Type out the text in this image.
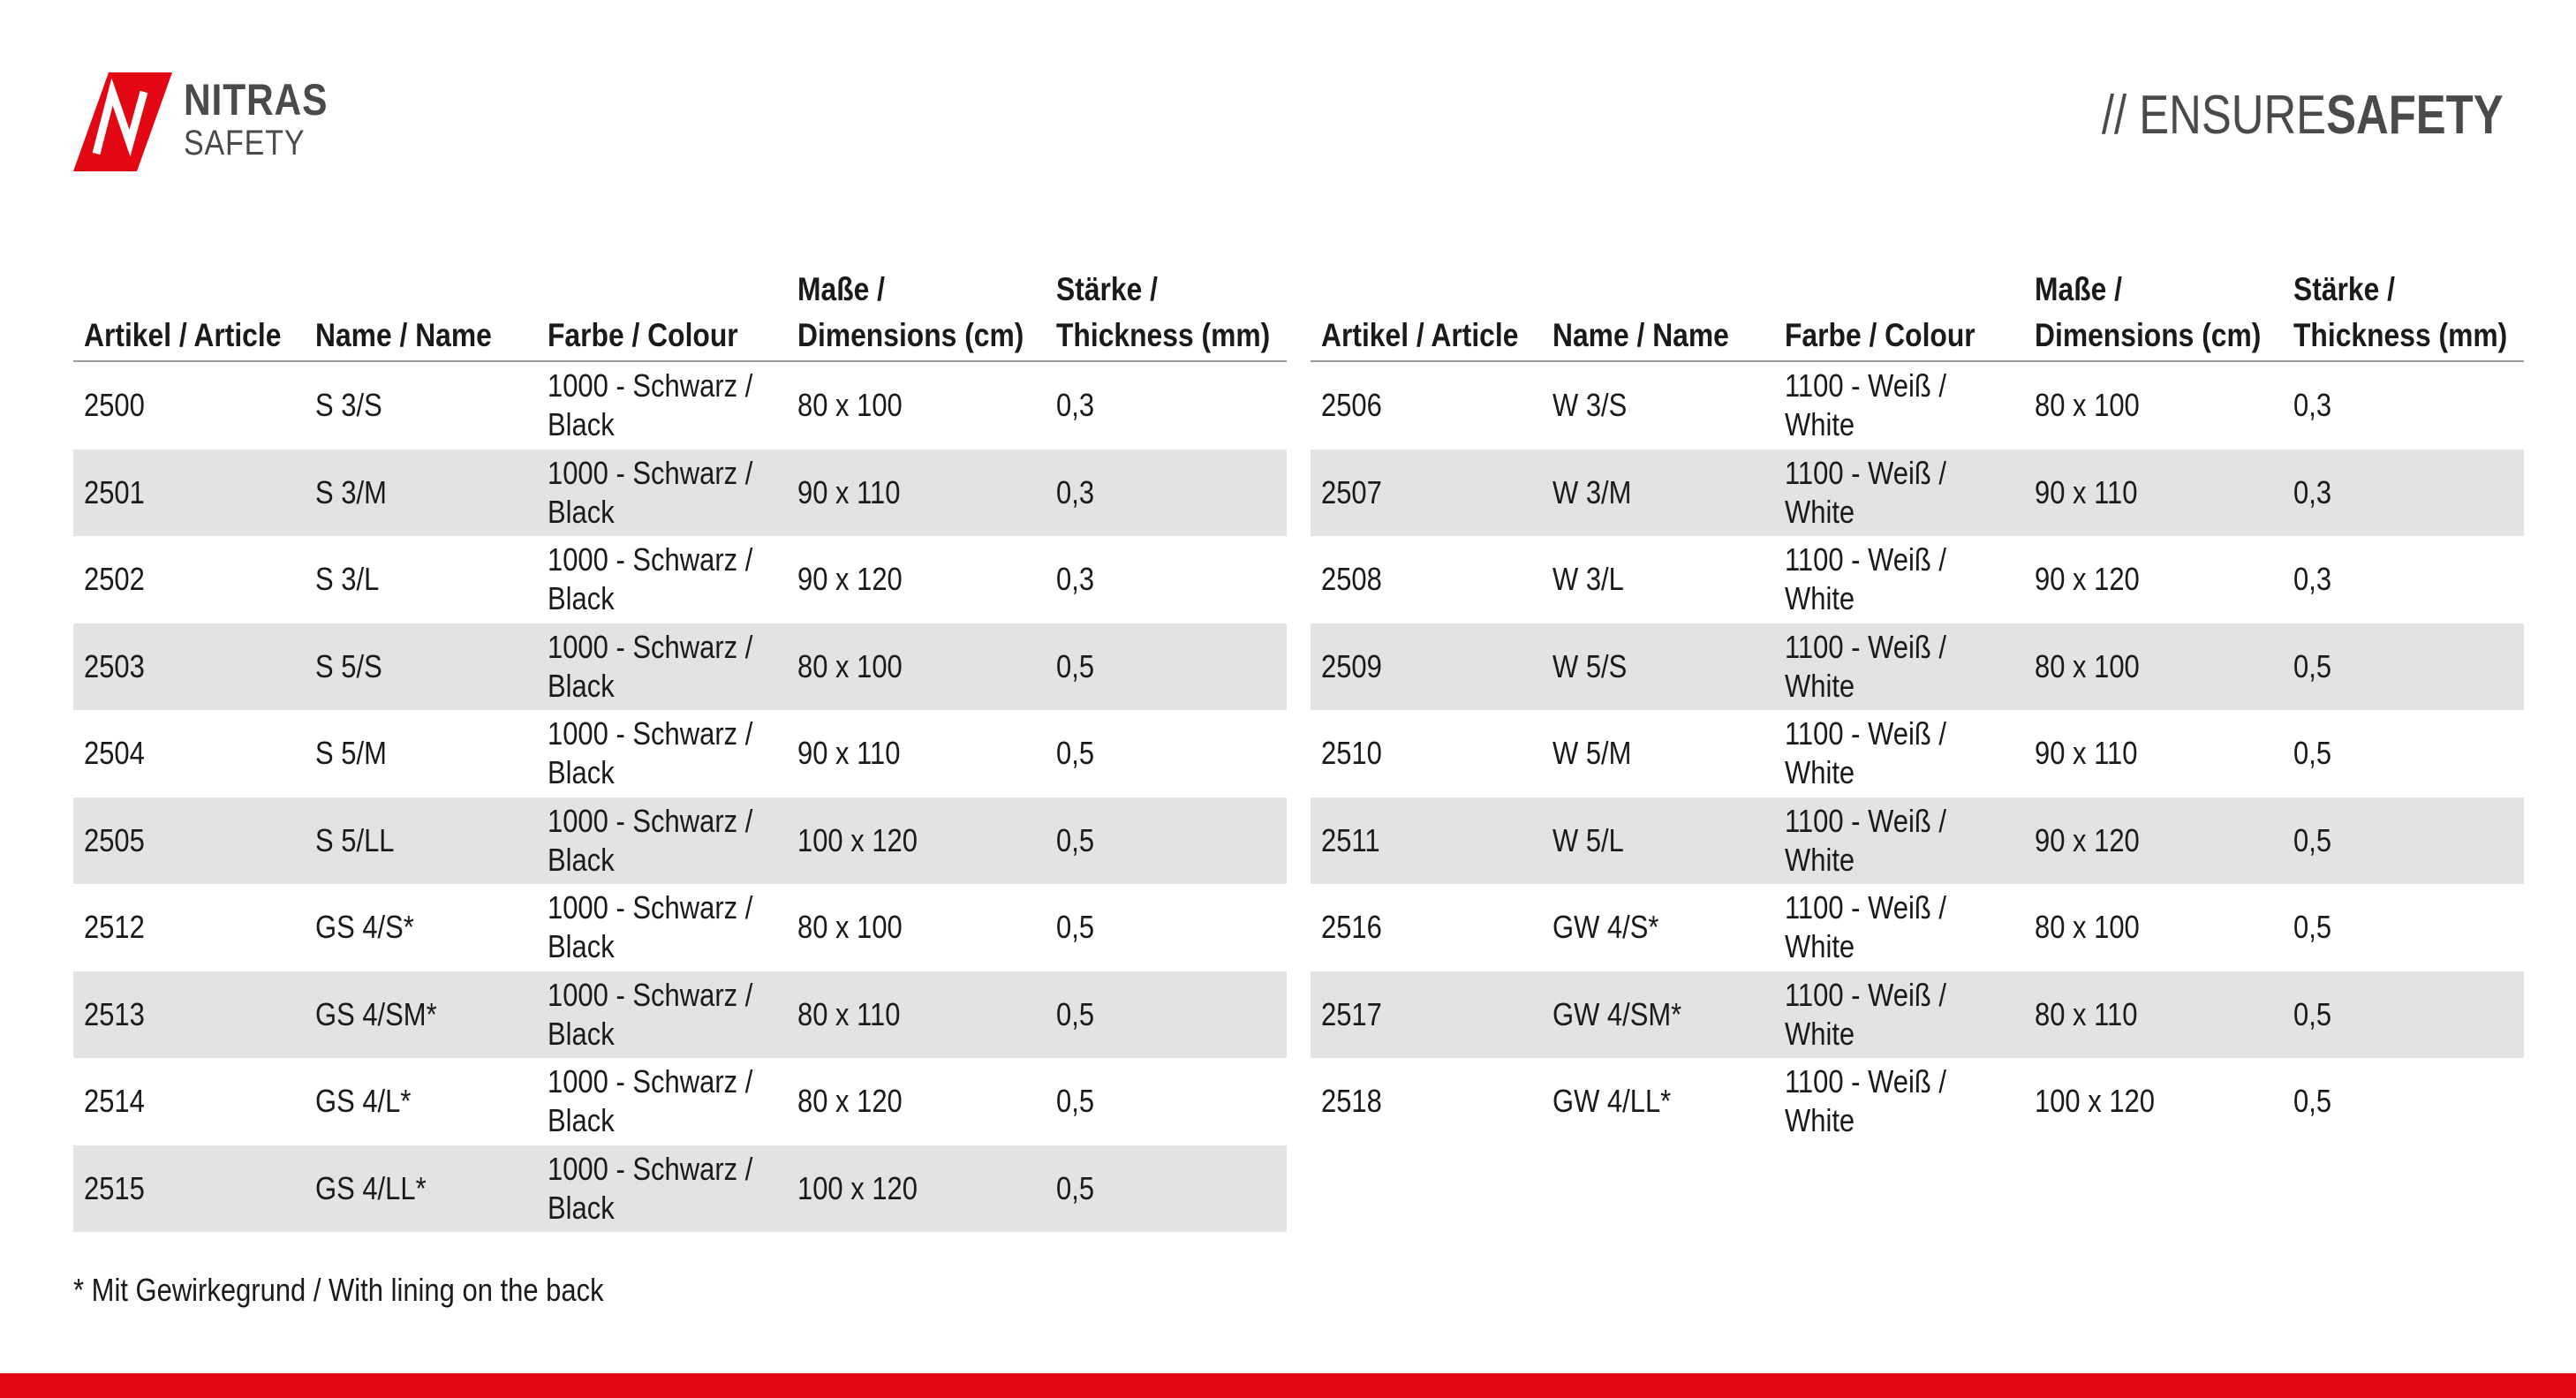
NITRAS
SAFETY	// ENSURESAFETY
Artikel / Article	Name / Name	Farbe / Colour	Maße /
Dimensions (cm)	Stärke /
Thickness (mm)
2500	S 3/S	1000 - Schwarz /
Black	80 x 100	0,3
2501	S 3/M	1000 - Schwarz /
Black	90 x 110	0,3
2502	S 3/L	1000 - Schwarz /
Black	90 x 120	0,3
2503	S 5/S	1000 - Schwarz /
Black	80 x 100	0,5
2504	S 5/M	1000 - Schwarz /
Black	90 x 110	0,5
2505	S 5/LL	1000 - Schwarz /
Black	100 x 120	0,5
2512	GS 4/S*	1000 - Schwarz /
Black	80 x 100	0,5
2513	GS 4/SM*	1000 - Schwarz /
Black	80 x 110	0,5
2514	GS 4/L*	1000 - Schwarz /
Black	80 x 120	0,5
2515	GS 4/LL*	1000 - Schwarz /
Black	100 x 120	0,5
Artikel / Article	Name / Name	Farbe / Colour	Maße /
Dimensions (cm)	Stärke /
Thickness (mm)
2506	W 3/S	1100 - Weiß /
White	80 x 100	0,3
2507	W 3/M	1100 - Weiß /
White	90 x 110	0,3
2508	W 3/L	1100 - Weiß /
White	90 x 120	0,3
2509	W 5/S	1100 - Weiß /
White	80 x 100	0,5
2510	W 5/M	1100 - Weiß /
White	90 x 110	0,5
2511	W 5/L	1100 - Weiß /
White	90 x 120	0,5
2516	GW 4/S*	1100 - Weiß /
White	80 x 100	0,5
2517	GW 4/SM*	1100 - Weiß /
White	80 x 110	0,5
2518	GW 4/LL*	1100 - Weiß /
White	100 x 120	0,5
* Mit Gewirkegrund / With lining on the back
